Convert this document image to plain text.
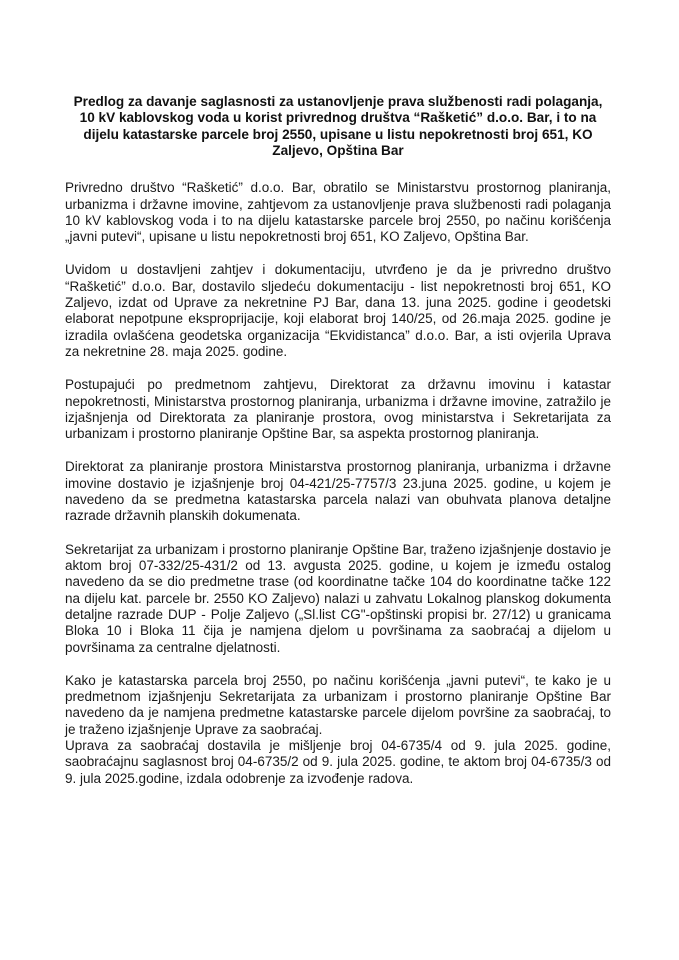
Predlog za davanje saglasnosti za ustanovljenje prava službenosti radi polaganja, 10 kV kablovskog voda u korist privrednog društva “Rašketić” d.o.o. Bar, i to na dijelu katastarske parcele broj 2550, upisane u listu nepokretnosti broj 651, KO Zaljevo, Opština Bar

Privredno društvo “Rašketić” d.o.o. Bar, obratilo se Ministarstvu prostornog planiranja, urbanizma i državne imovine, zahtjevom za ustanovljenje prava službenosti radi polaganja 10 kV kablovskog voda i to na dijelu katastarske parcele broj 2550, po načinu korišćenja „javni putevi“, upisane u listu nepokretnosti broj 651, KO Zaljevo, Opština Bar.

Uvidom u dostavljeni zahtjev i dokumentaciju, utvrđeno je da je privredno društvo “Rašketić” d.o.o. Bar, dostavilo sljedeću dokumentaciju - list nepokretnosti broj 651, KO Zaljevo, izdat od Uprave za nekretnine PJ Bar, dana 13. juna 2025. godine i geodetski elaborat nepotpune eksproprijacije, koji elaborat broj 140/25, od 26.maja 2025. godine je izradila ovlašćena geodetska organizacija “Ekvidistanca” d.o.o. Bar, a isti ovjerila Uprava za nekretnine 28. maja 2025. godine.

Postupajući po predmetnom zahtjevu, Direktorat za državnu imovinu i katastar nepokretnosti, Ministarstva prostornog planiranja, urbanizma i državne imovine, zatražilo je izjašnjenja od Direktorata za planiranje prostora, ovog ministarstva i Sekretarijata za urbanizam i prostorno planiranje Opštine Bar, sa aspekta prostornog planiranja.

Direktorat za planiranje prostora Ministarstva prostornog planiranja, urbanizma i državne imovine dostavio je izjašnjenje broj 04-421/25-7757/3 23.juna 2025. godine, u kojem je navedeno da se predmetna katastarska parcela nalazi van obuhvata planova detaljne razrade državnih planskih dokumenata.

Sekretarijat za urbanizam i prostorno planiranje Opštine Bar, traženo izjašnjenje dostavio je aktom broj 07-332/25-431/2 od 13. avgusta 2025. godine, u kojem je između ostalog navedeno da se dio predmetne trase (od koordinatne tačke 104 do koordinatne tačke 122 na dijelu kat. parcele br. 2550 KO Zaljevo) nalazi u zahvatu Lokalnog planskog dokumenta detaljne razrade DUP - Polje Zaljevo („Sl.list CG"-opštinski propisi br. 27/12) u granicama Bloka 10 i Bloka 11 čija je namjena djelom u površinama za saobraćaj a dijelom u površinama za centralne djelatnosti.

Kako je katastarska parcela broj 2550, po načinu korišćenja „javni putevi“, te kako je u predmetnom izjašnjenju Sekretarijata za urbanizam i prostorno planiranje Opštine Bar navedeno da je namjena predmetne katastarske parcele dijelom površine za saobraćaj, to je traženo izjašnjenje Uprave za saobraćaj.

Uprava za saobraćaj dostavila je mišljenje broj 04-6735/4 od 9. jula 2025. godine, saobraćajnu saglasnost broj 04-6735/2 od 9. jula 2025. godine, te aktom broj 04-6735/3 od 9. jula 2025.godine, izdala odobrenje za izvođenje radova.
